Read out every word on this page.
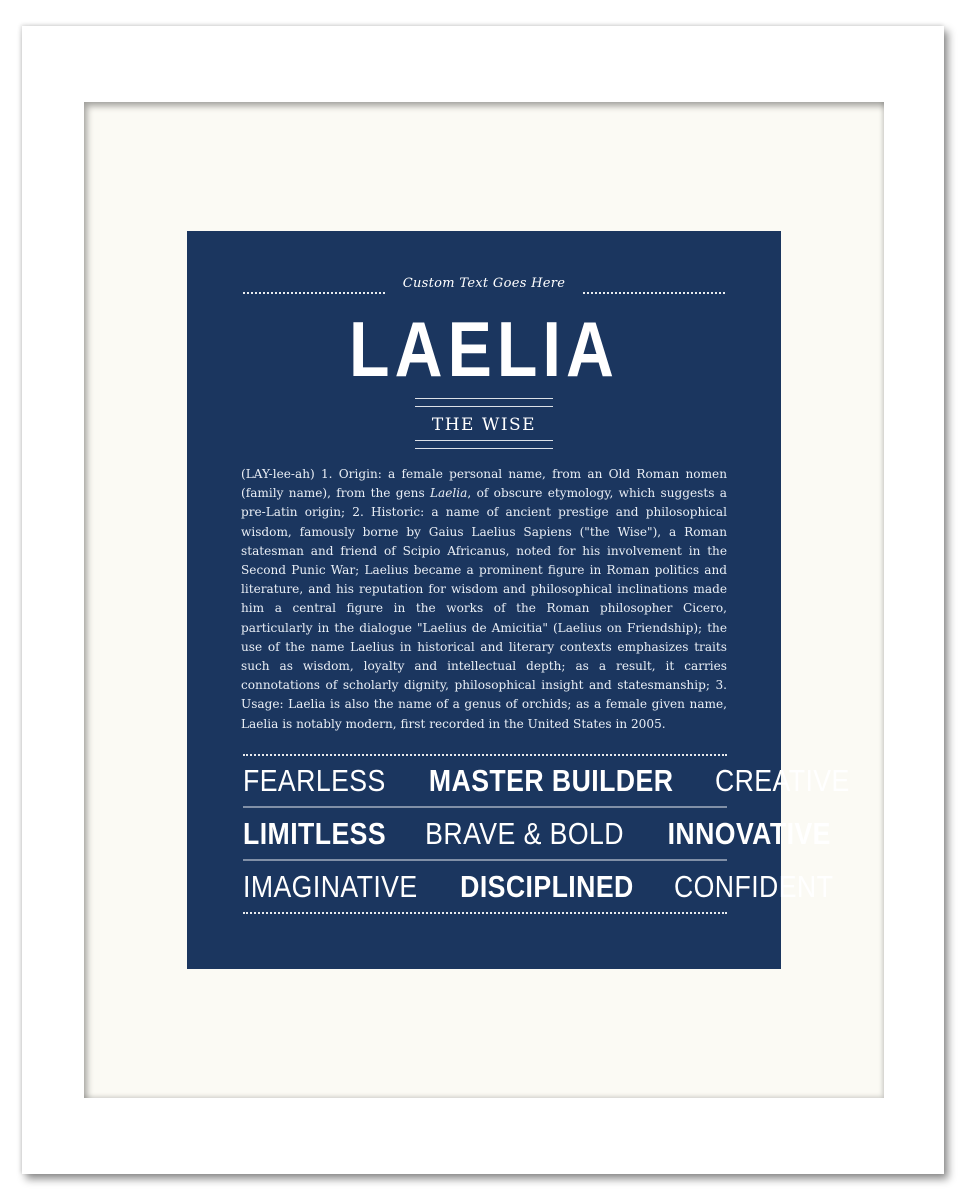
Custom Text Goes Here
LAELIA
THE WISE
(LAY-lee-ah) 1. Origin: a female personal name, from an Old Roman nomen (family name), from the gens Laelia, of obscure etymology, which suggests a pre-Latin origin; 2. Historic: a name of ancient prestige and philosophical wisdom, famously borne by Gaius Laelius Sapiens ("the Wise"), a Roman statesman and friend of Scipio Africanus, noted for his involvement in the Second Punic War; Laelius became a prominent figure in Roman politics and literature, and his reputation for wisdom and philosophical inclinations made him a central figure in the works of the Roman philosopher Cicero, particularly in the dialogue "Laelius de Amicitia" (Laelius on Friendship); the use of the name Laelius in historical and literary contexts emphasizes traits such as wisdom, loyalty and intellectual depth; as a result, it carries connotations of scholarly dignity, philosophical insight and statesmanship; 3. Usage: Laelia is also the name of a genus of orchids; as a female given name, Laelia is notably modern, first recorded in the United States in 2005.
FEARLESS MASTER BUILDER CREATIVE
LIMITLESS BRAVE & BOLD INNOVATIVE
IMAGINATIVE DISCIPLINED CONFIDENT
